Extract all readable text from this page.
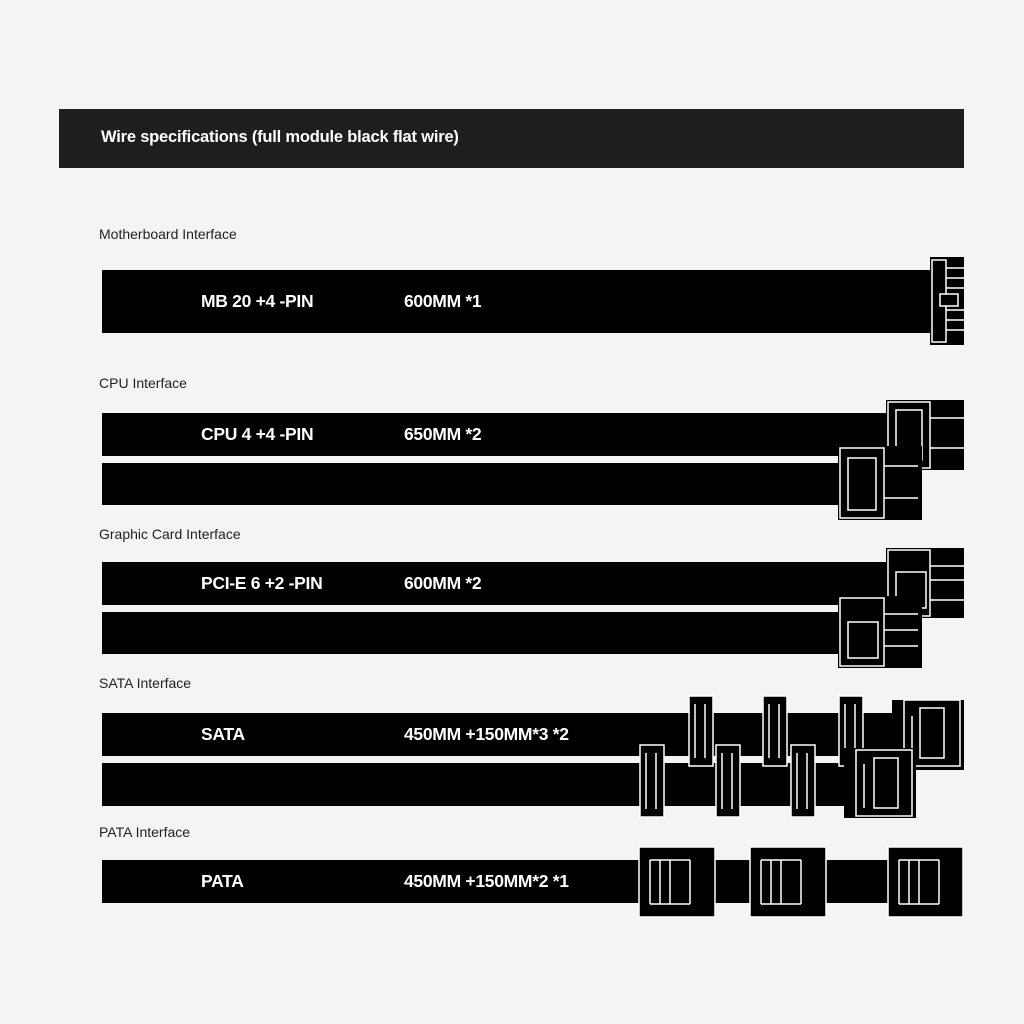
Wire specifications (full module black flat wire)
Motherboard Interface
MB 20 +4 -PIN	600MM *1
CPU Interface
CPU 4 +4 -PIN	650MM *2
Graphic Card Interface
PCI-E 6 +2 -PIN	600MM *2
SATA Interface
SATA	450MM +150MM*3 *2
PATA Interface
PATA	450MM +150MM*2 *1
